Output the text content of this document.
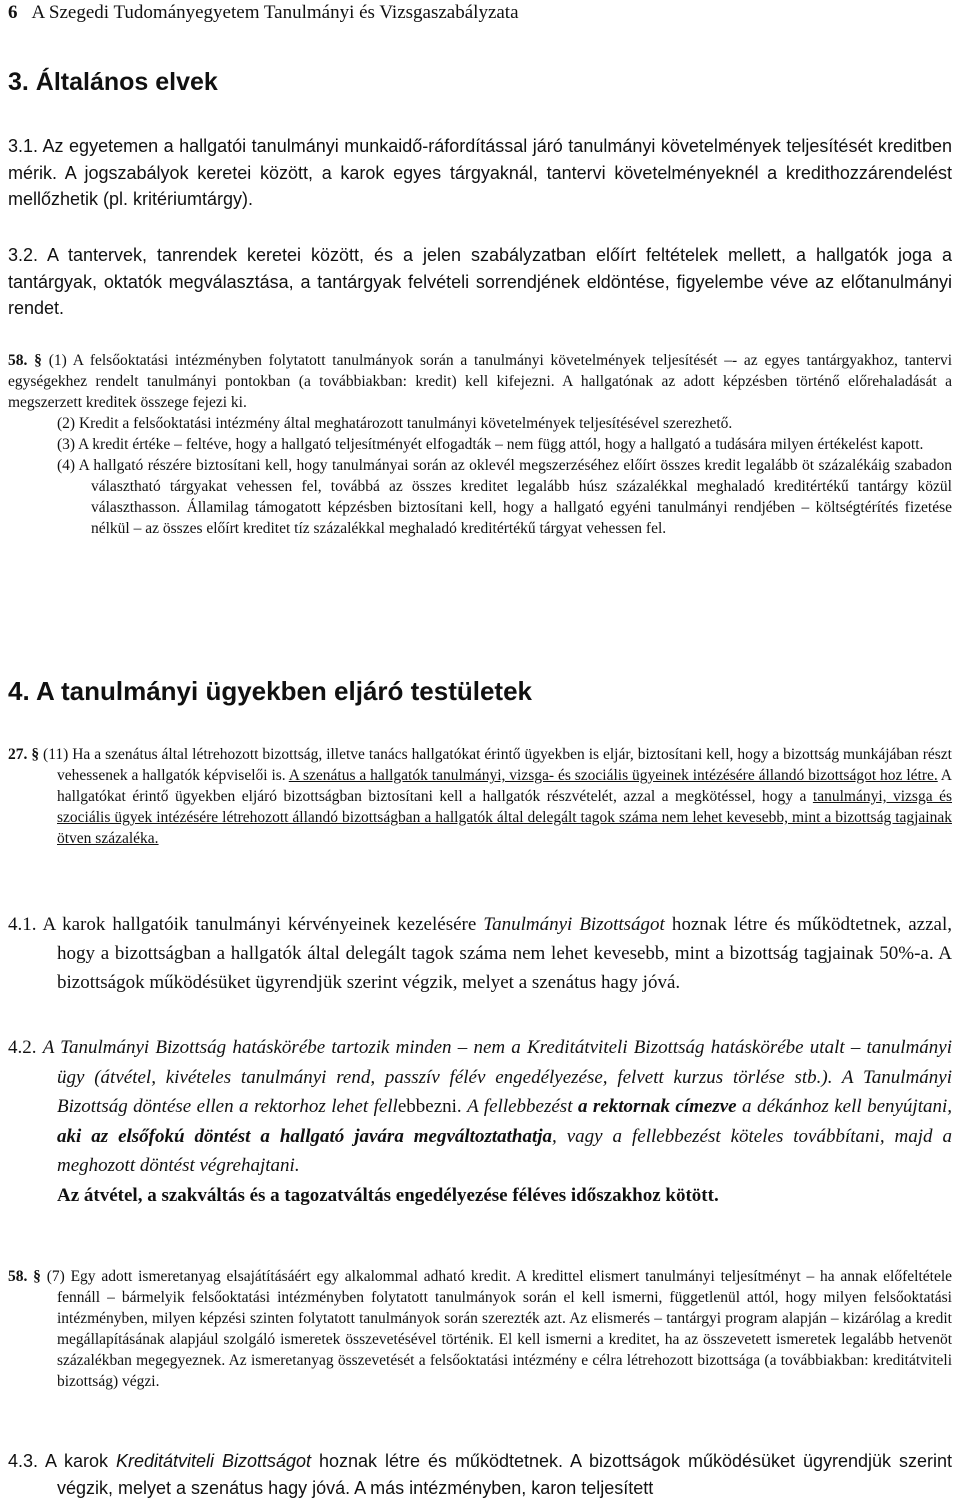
6 A Szegedi Tudományegyetem Tanulmányi és Vizsgaszabályzata
3. Általános elvek

3.1. Az egyetemen a hallgatói tanulmányi munkaidő-ráfordítással járó tanulmányi követelmények teljesítését kreditben mérik. A jogszabályok keretei között, a karok egyes tárgyaknál, tantervi követelményeknél a kredithozzárendelést mellőzhetik (pl. kritériumtárgy).

3.2. A tantervek, tanrendek keretei között, és a jelen szabályzatban előírt feltételek mellett, a hallgatók joga a tantárgyak, oktatók megválasztása, a tantárgyak felvételi sorrendjének eldöntése, figyelembe véve az előtanulmányi rendet.

58. § (1) A felsőoktatási intézményben folytatott tanulmányok során a tanulmányi követelmények teljesítését –- az egyes tantárgyakhoz, tantervi egységekhez rendelt tanulmányi pontokban (a továbbiakban: kredit) kell kifejezni. A hallgatónak az adott képzésben történő előrehaladását a megszerzett kreditek összege fejezi ki.

(2) Kredit a felsőoktatási intézmény által meghatározott tanulmányi követelmények teljesítésével szerezhető.

(3) A kredit értéke – feltéve, hogy a hallgató teljesítményét elfogadták – nem függ attól, hogy a hallgató a tudására milyen értékelést kapott.

(4) A hallgató részére biztosítani kell, hogy tanulmányai során az oklevél megszerzéséhez előírt összes kredit legalább öt százalékáig szabadon választható tárgyakat vehessen fel, továbbá az összes kreditet legalább húsz százalékkal meghaladó kreditértékű tantárgy közül választhasson. Államilag támogatott képzésben biztosítani kell, hogy a hallgató egyéni tanulmányi rendjében – költségtérítés fizetése nélkül – az összes előírt kreditet tíz százalékkal meghaladó kreditértékű tárgyat vehessen fel.

4. A tanulmányi ügyekben eljáró testületek

27. § (11) Ha a szenátus által létrehozott bizottság, illetve tanács hallgatókat érintő ügyekben is eljár, biztosítani kell, hogy a bizottság munkájában részt vehessenek a hallgatók képviselői is. A szenátus a hallgatók tanulmányi, vizsga- és szociális ügyeinek intézésére állandó bizottságot hoz létre. A hallgatókat érintő ügyekben eljáró bizottságban biztosítani kell a hallgatók részvételét, azzal a megkötéssel, hogy a tanulmányi, vizsga és szociális ügyek intézésére létrehozott állandó bizottságban a hallgatók által delegált tagok száma nem lehet kevesebb, mint a bizottság tagjainak ötven százaléka.

4.1. A karok hallgatóik tanulmányi kérvényeinek kezelésére Tanulmányi Bizottságot hoznak létre és működtetnek, azzal, hogy a bizottságban a hallgatók által delegált tagok száma nem lehet kevesebb, mint a bizottság tagjainak 50%-a. A bizottságok működésüket ügyrendjük szerint végzik, melyet a szenátus hagy jóvá.

4.2. A Tanulmányi Bizottság hatáskörébe tartozik minden – nem a Kreditátviteli Bizottság hatáskörébe utalt – tanulmányi ügy (átvétel, kivételes tanulmányi rend, passzív félév engedélyezése, felvett kurzus törlése stb.). A Tanulmányi Bizottság döntése ellen a rektorhoz lehet fellebbezni. A fellebbezést a rektornak címezve a dékánhoz kell benyújtani, aki az elsőfokú döntést a hallgató javára megváltoztathatja, vagy a fellebbezést köteles továbbítani, majd a meghozott döntést végrehajtani.

Az átvétel, a szakváltás és a tagozatváltás engedélyezése féléves időszakhoz kötött.

58. § (7) Egy adott ismeretanyag elsajátításáért egy alkalommal adható kredit. A kredittel elismert tanulmányi teljesítményt – ha annak előfeltétele fennáll – bármelyik felsőoktatási intézményben folytatott tanulmányok során el kell ismerni, függetlenül attól, hogy milyen felsőoktatási intézményben, milyen képzési szinten folytatott tanulmányok során szerezték azt. Az elismerés – tantárgyi program alapján – kizárólag a kredit megállapításának alapjául szolgáló ismeretek összevetésével történik. El kell ismerni a kreditet, ha az összevetett ismeretek legalább hetvenöt százalékban megegyeznek. Az ismeretanyag összevetését a felsőoktatási intézmény e célra létrehozott bizottsága (a továbbiakban: kreditátviteli bizottság) végzi.

4.3. A karok Kreditátviteli Bizottságot hoznak létre és működtetnek. A bizottságok működésüket ügyrendjük szerint végzik, melyet a szenátus hagy jóvá. A más intézményben, karon teljesített
